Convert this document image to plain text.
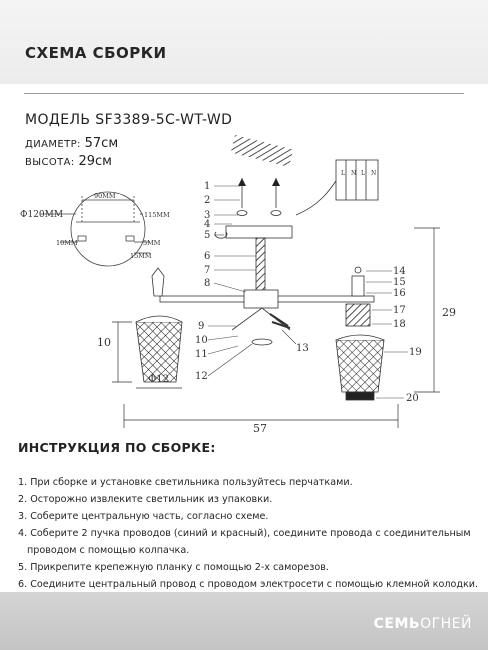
СХЕМА СБОРКИ
МОДЕЛЬ SF3389-5C-WT-WD
ДИАМЕТР: 57см
ВЫСОТА: 29см
90ММ
Ф120ММ	115ММ
10ММ	5ММ
15ММ
L N L N
1
2
3
4
5
6
7
8
9
10
11
12
13
14
15
16
17
18
19
20
57
29
10
Ф12
ИНСТРУКЦИЯ ПО СБОРКЕ:
1. При сборке и установке светильника пользуйтесь перчатками.
2. Осторожно извлеките светильник из упаковки.
3. Соберите центральную часть, согласно схеме.
4. Соберите 2 пучка проводов (синий и красный), соедините провода с соединительным
проводом с помощью колпачка.
5. Прикрепите крепежную планку с помощью 2-х саморезов.
6. Соедините центральный провод с проводом электросети с помощью клемной колодки.
СЕМЬОГНЕЙ
